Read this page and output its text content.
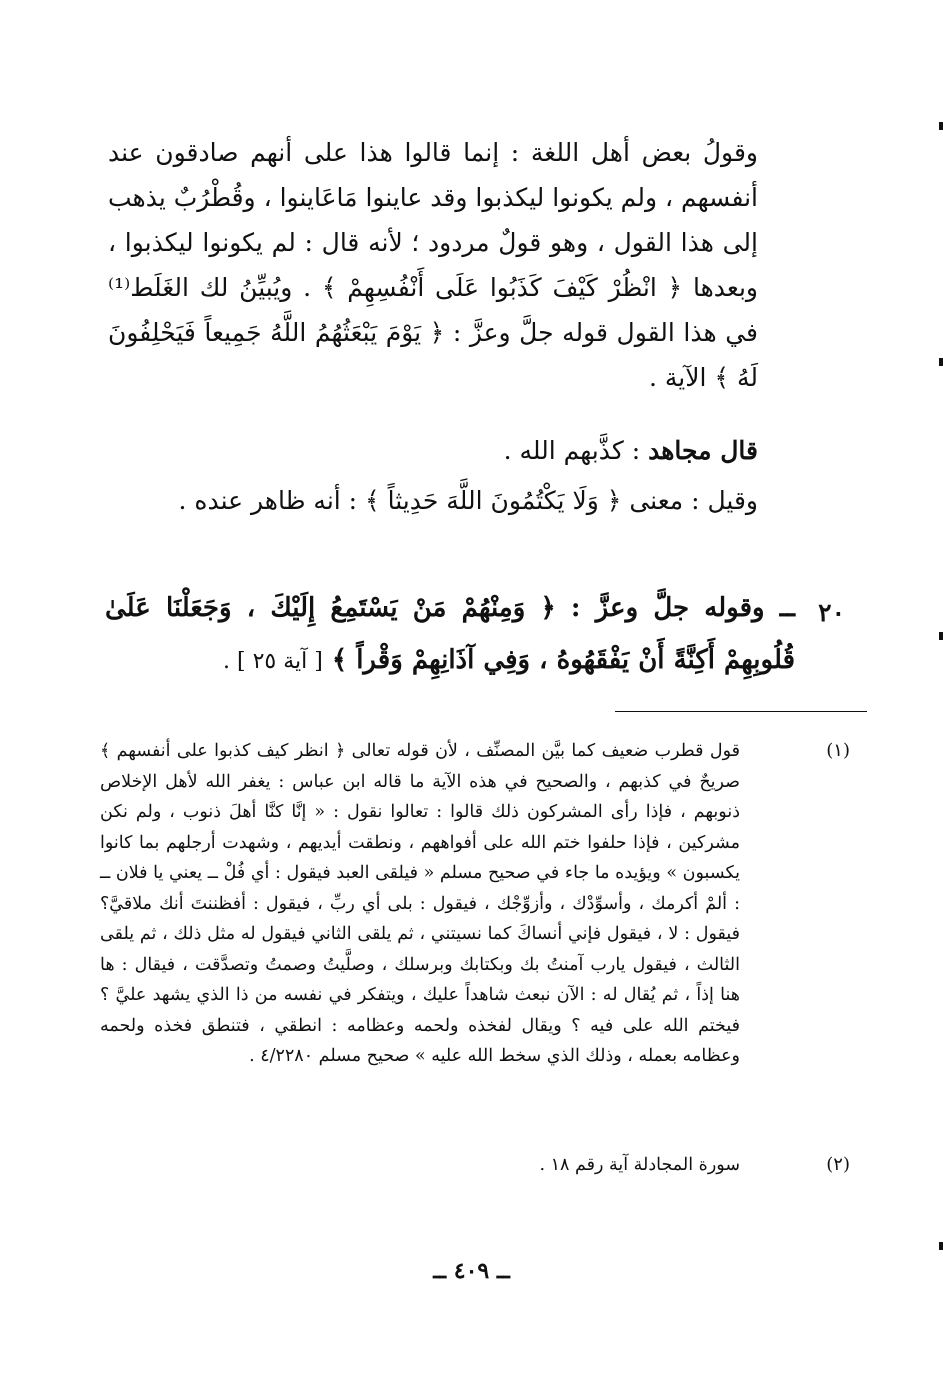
وقولُ بعض أهل اللغة : إنما قالوا هذا على أنهم صادقون عند أنفسهم ، ولم يكونوا ليكذبوا وقد عاينوا مَاعَاينوا ، وقُطْرُبٌ يذهب إلى هذا القول ، وهو قولٌ مردود ؛ لأنه قال : لم يكونوا ليكذبوا ، وبعدها ﴿ انْظُرْ كَيْفَ كَذَبُوا عَلَى أَنْفُسِهِمْ ﴾ . ويُبيِّنُ لك الغَلَط⁽¹⁾ في هذا القول قوله جلَّ وعزَّ : ﴿ يَوْمَ يَبْعَثُهُمُ اللَّهُ جَمِيعاً فَيَحْلِفُونَ لَهُ ﴾ الآية .

قال مجاهد : كذَّبهم الله .

وقيل : معنى ﴿ وَلَا يَكْتُمُونَ اللَّهَ حَدِيثاً ﴾ : أنه ظاهر عنده .

٢٠
ــ وقوله جلَّ وعزَّ : ﴿ وَمِنْهُمْ مَنْ يَسْتَمِعُ إِلَيْكَ ، وَجَعَلْنَا عَلَىٰ قُلُوبِهِمْ أَكِنَّةً أَنْ يَفْقَهُوهُ ، وَفِي آذَانِهِمْ وَقْراً ﴾ [ آية ٢٥ ] .
(١)
قول قطرب ضعيف كما بيَّن المصنِّف ، لأن قوله تعالى ﴿ انظر كيف كذبوا على أنفسهم ﴾ صريحٌ في كذبهم ، والصحيح في هذه الآية ما قاله ابن عباس : يغفر الله لأهل الإخلاص ذنوبهم ، فإذا رأى المشركون ذلك قالوا : تعالوا نقول : « إنَّا كنَّا أهلَ ذنوب ، ولم نكن مشركين ، فإذا حلفوا ختم الله على أفواههم ، ونطقت أيديهم ، وشهدت أرجلهم بما كانوا يكسبون » ويؤيده ما جاء في صحيح مسلم « فيلقى العبد فيقول : أي فُلْ ــ يعني يا فلان ــ : ألمْ أكرمك ، وأسوِّدْك ، وأزوِّجْك ، فيقول : بلى أي ربِّ ، فيقول : أفظننتَ أنك ملاقيَّ؟ فيقول : لا ، فيقول فإني أنساكَ كما نسيتني ، ثم يلقى الثاني فيقول له مثل ذلك ، ثم يلقى الثالث ، فيقول يارب آمنتُ بك وبكتابك وبرسلك ، وصلَّيتُ وصمتُ وتصدَّقت ، فيقال : ها هنا إذاً ، ثم يُقال له : الآن نبعث شاهداً عليك ، ويتفكر في نفسه من ذا الذي يشهد عليَّ ؟ فيختم الله على فيه ؟ ويقال لفخذه ولحمه وعظامه : انطقي ، فتنطق فخذه ولحمه وعظامه بعمله ، وذلك الذي سخط الله عليه » صحيح مسلم ٤/٢٢٨٠ .
(٢)
سورة المجادلة آية رقم ١٨ .
ــ ٤٠٩ ــ
